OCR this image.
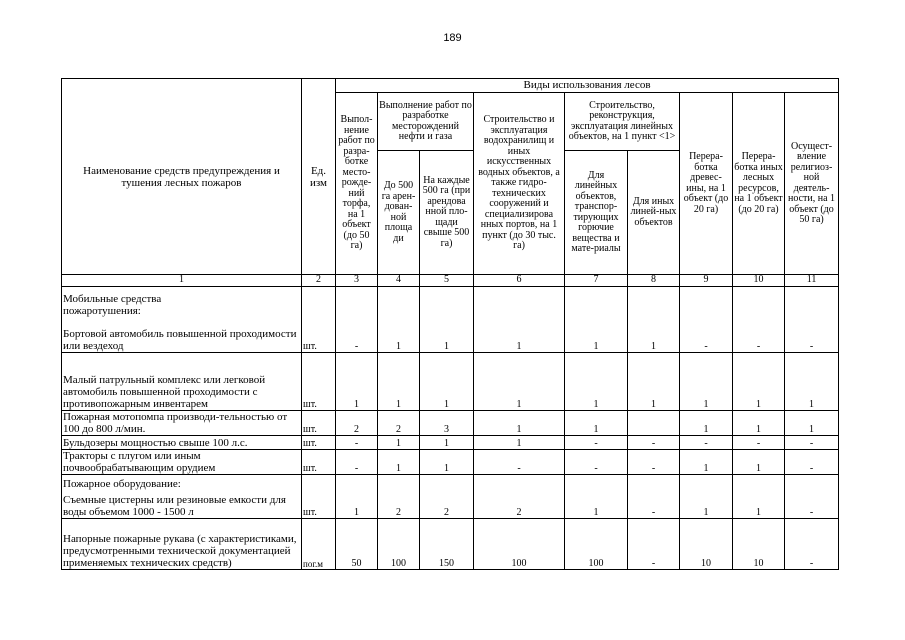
189
Наименование средств предупреждения и тушения лесных пожаров	Ед. изм	Виды использования лесов								
		Выпол-нение работ по разра-ботке место-рожде-ний торфа, на 1 объект (до 50 га)	Выполнение работ по разработке месторождений нефти и газа		Строительство и эксплуатация водохранилищ и иных искусственных водных объектов, а также гидро-технических сооружений и специализирова нных портов, на 1 пункт (до 30 тыс. га)	Строительство, реконструкция, эксплуатация линейных объектов, на 1 пункт <1>		Перера-ботка древес-ины, на 1 объект (до 20 га)	Перера-ботка иных лесных ресурсов, на 1 объект (до 20 га)	Осущест-вление религиоз-ной деятель-ности, на 1 объект (до 50 га)
			До 500 га арен-дован-ной площа ди	На каждые 500 га (при арендова нной пло-щади свыше 500 га)		Для линейных объектов, транспор-тирующих горючие вещества и мате-риалы	Для иных линей-ных объектов			
1	2	3	4	5	6	7	8	9	10	11

Мобильные средства пожаротушения:
Бортовой автомобиль повышенной проходимости или вездеход	шт.	-	1	1	1	1	1	-	-	-
Малый патрульный комплекс или легковой автомобиль повышенной проходимости с противопожарным инвентарем	шт.	1	1	1	1	1	1	1	1	1
Пожарная мотопомпа производи-тельностью от 100 до 800 л/мин.	шт.	2	2	3	1	1		1	1	1
Бульдозеры мощностью свыше 100 л.с.	шт.	-	1	1	1	-	-	-	-	-
Тракторы с плугом или иным почвообрабатывающим орудием	шт.	-	1	1	-	-	-	1	1	-

Пожарное оборудование:
Съемные цистерны или резиновые емкости для воды объемом 1000 - 1500 л	шт.	1	2	2	2	1	-	1	1	-
Напорные пожарные рукава (с характеристиками, предусмотренными технической документацией применяемых технических средств)	пог.м	50	100	150	100	100	-	10	10	-
